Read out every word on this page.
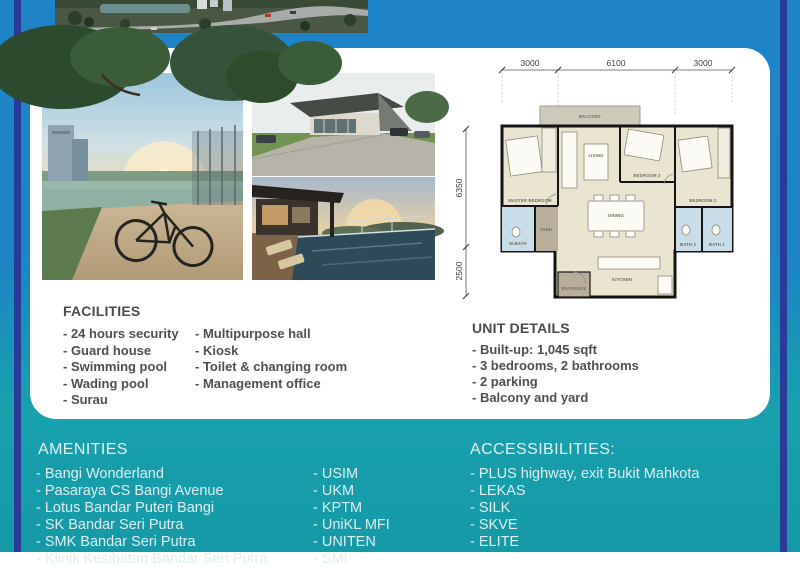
FACILITIES
- 24 hours security
- Guard house
- Swimming pool
- Wading pool
- Surau
- Multipurpose hall
- Kiosk
- Toilet & changing room
- Management office
3000	6100	3000
6350
2500
BALCONY
MASTER BEDROOM
LIVING
BEDROOM 3
BEDROOM 2
M.BATH
YARD
DINING
BATH 2	BATH 1
KITCHEN
ENTRANCE
UNIT DETAILS
- Built-up: 1,045 sqft
- 3 bedrooms, 2 bathrooms
- 2 parking
- Balcony and yard
AMENITIES
- Bangi Wonderland
- Pasaraya CS Bangi Avenue
- Lotus Bandar Puteri Bangi
- SK Bandar Seri Putra
- SMK Bandar Seri Putra
- Klinik Kesihatan Bandar Seri Putra
- USIM
- UKM
- KPTM
- UniKL MFI
- UNITEN
- SMI
ACCESSIBILITIES:
- PLUS highway, exit Bukit Mahkota
- LEKAS
- SILK
- SKVE
- ELITE
